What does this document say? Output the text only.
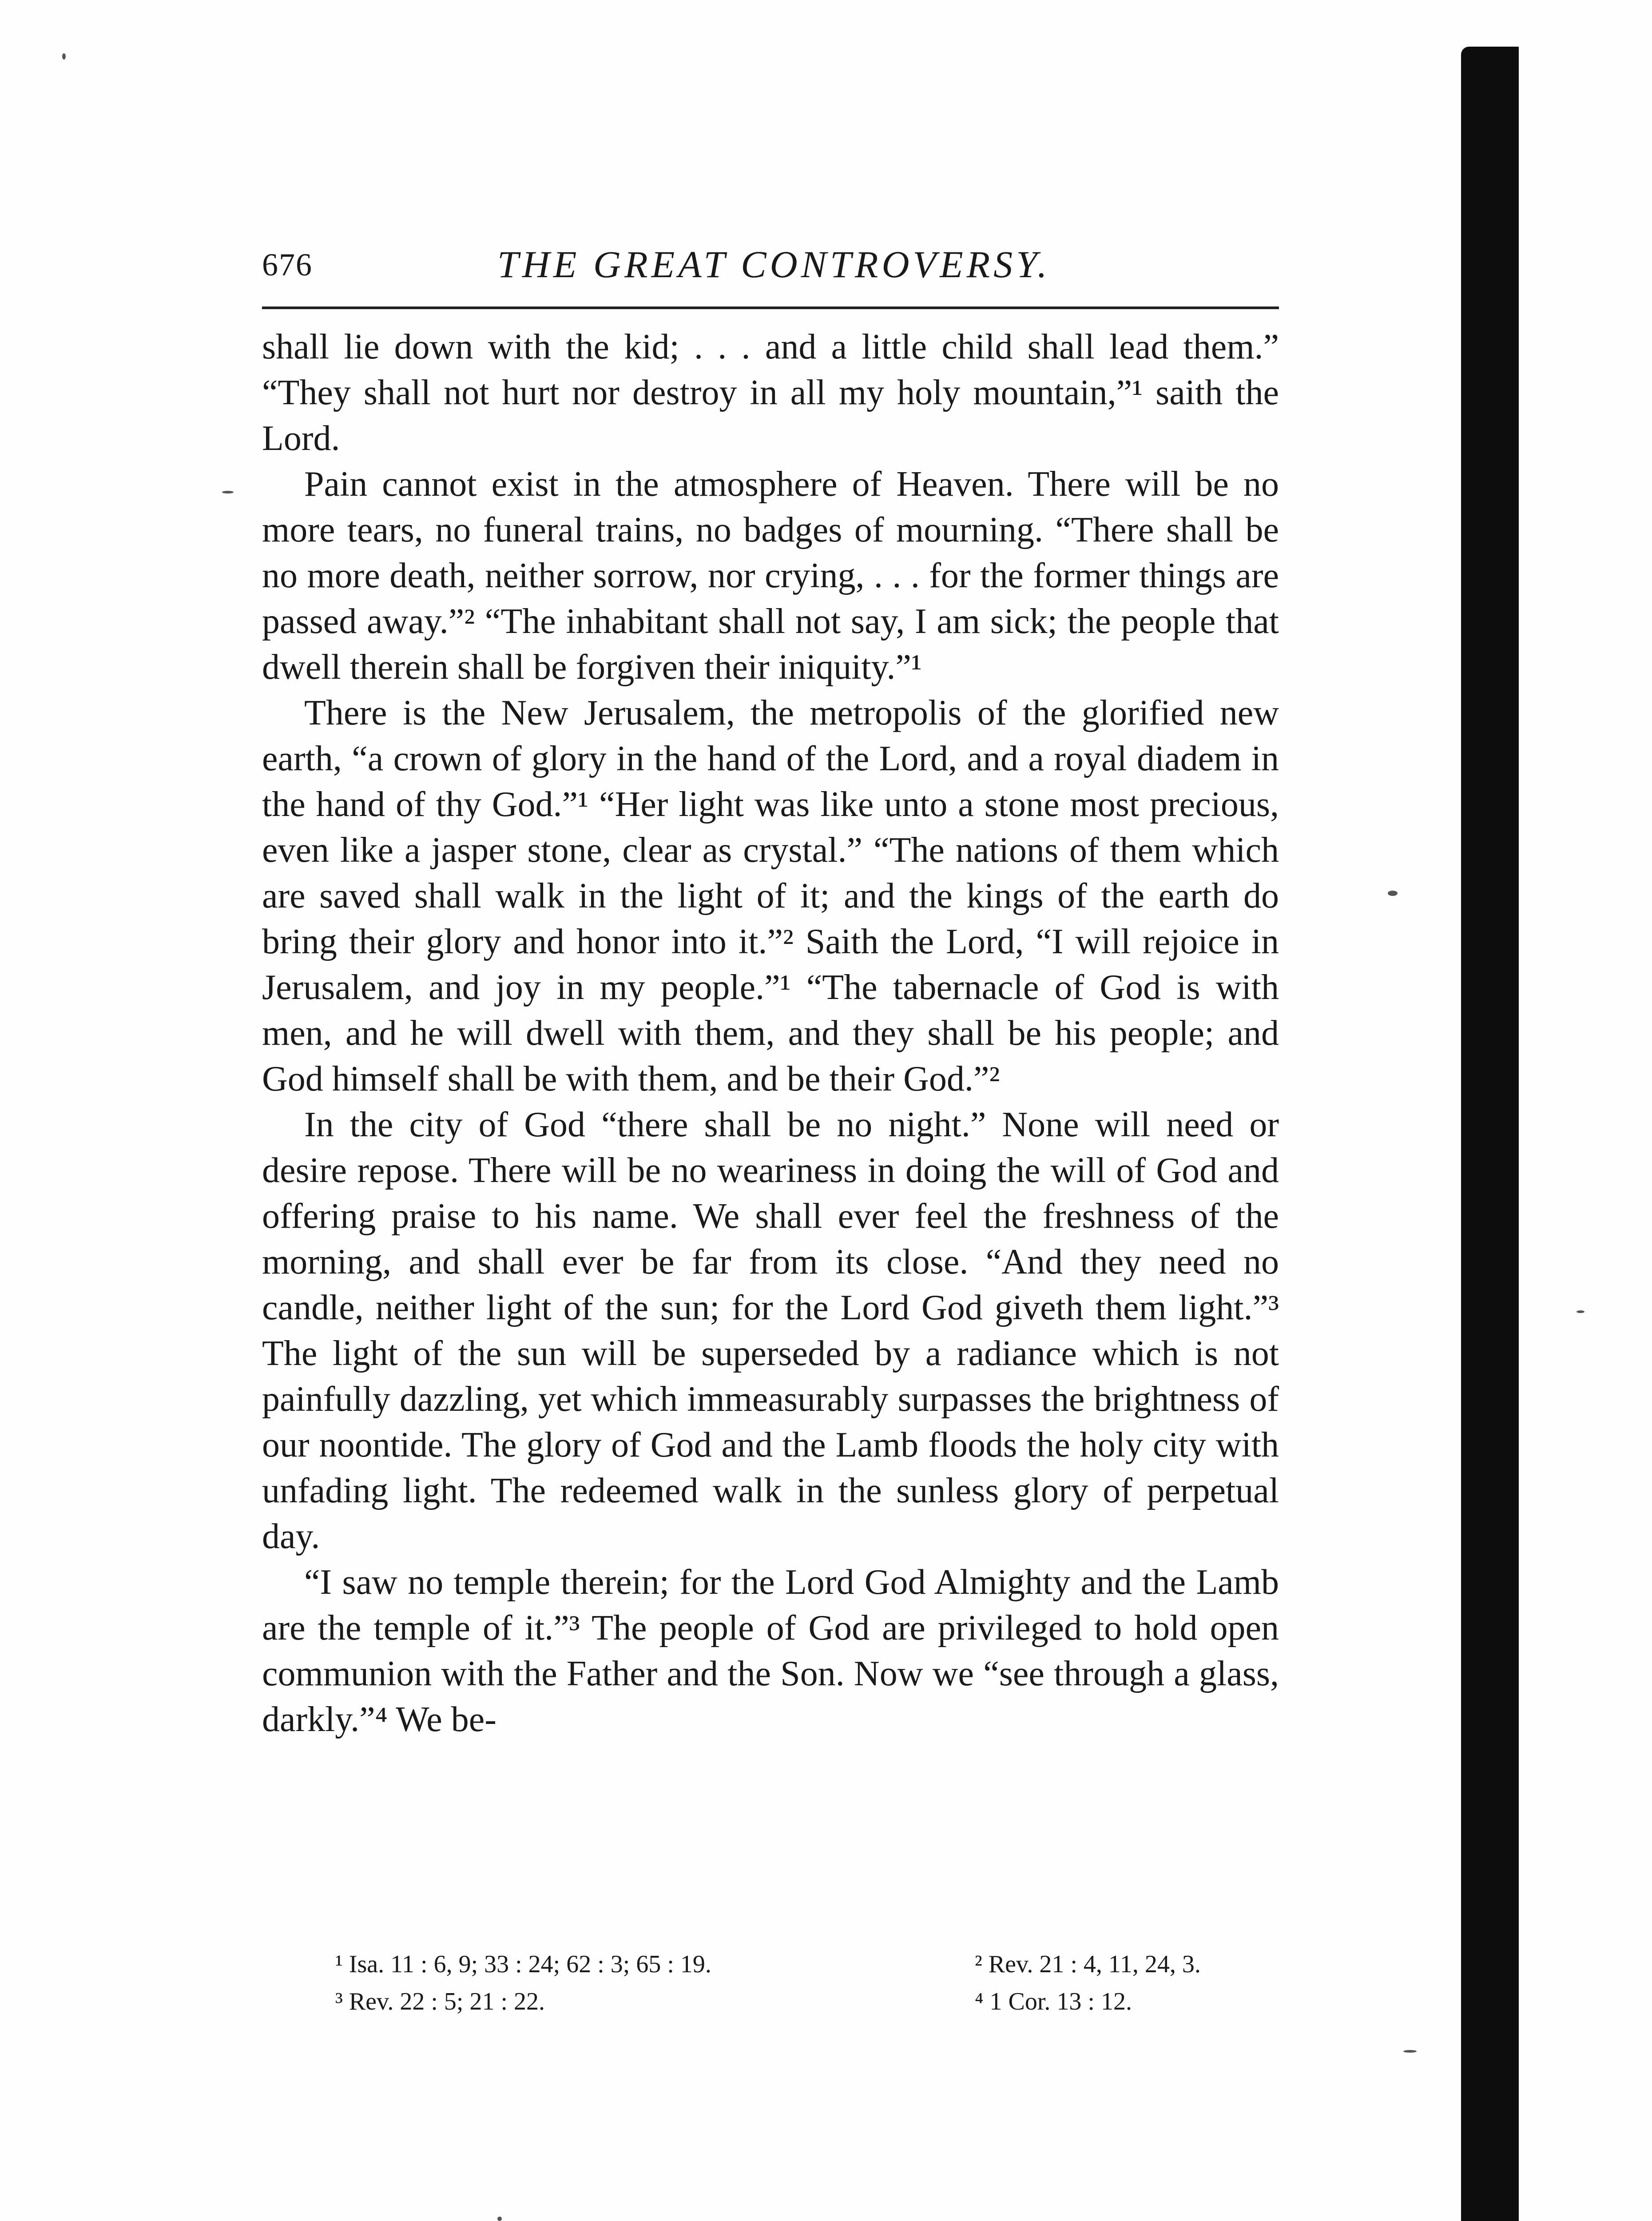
676	THE GREAT CONTROVERSY.

shall lie down with the kid; . . . and a little child shall lead them.” “They shall not hurt nor destroy in all my holy mountain,”¹ saith the Lord.

Pain cannot exist in the atmosphere of Heaven. There will be no more tears, no funeral trains, no badges of mourning. “There shall be no more death, neither sorrow, nor crying, . . . for the former things are passed away.”² “The inhabitant shall not say, I am sick; the people that dwell therein shall be forgiven their iniquity.”¹

There is the New Jerusalem, the metropolis of the glorified new earth, “a crown of glory in the hand of the Lord, and a royal diadem in the hand of thy God.”¹ “Her light was like unto a stone most precious, even like a jasper stone, clear as crystal.” “The nations of them which are saved shall walk in the light of it; and the kings of the earth do bring their glory and honor into it.”² Saith the Lord, “I will rejoice in Jerusalem, and joy in my people.”¹ “The tabernacle of God is with men, and he will dwell with them, and they shall be his people; and God himself shall be with them, and be their God.”²

In the city of God “there shall be no night.” None will need or desire repose. There will be no weariness in doing the will of God and offering praise to his name. We shall ever feel the freshness of the morning, and shall ever be far from its close. “And they need no candle, neither light of the sun; for the Lord God giveth them light.”³ The light of the sun will be superseded by a radiance which is not painfully dazzling, yet which immeasurably surpasses the brightness of our noontide. The glory of God and the Lamb floods the holy city with unfading light. The redeemed walk in the sunless glory of perpetual day.

“I saw no temple therein; for the Lord God Almighty and the Lamb are the temple of it.”³ The people of God are privileged to hold open communion with the Father and the Son. Now we “see through a glass, darkly.”⁴ We be-

¹ Isa. 11 : 6, 9; 33 : 24; 62 : 3; 65 : 19.	² Rev. 21 : 4, 11, 24, 3.
³ Rev. 22 : 5; 21 : 22.	⁴ 1 Cor. 13 : 12.
